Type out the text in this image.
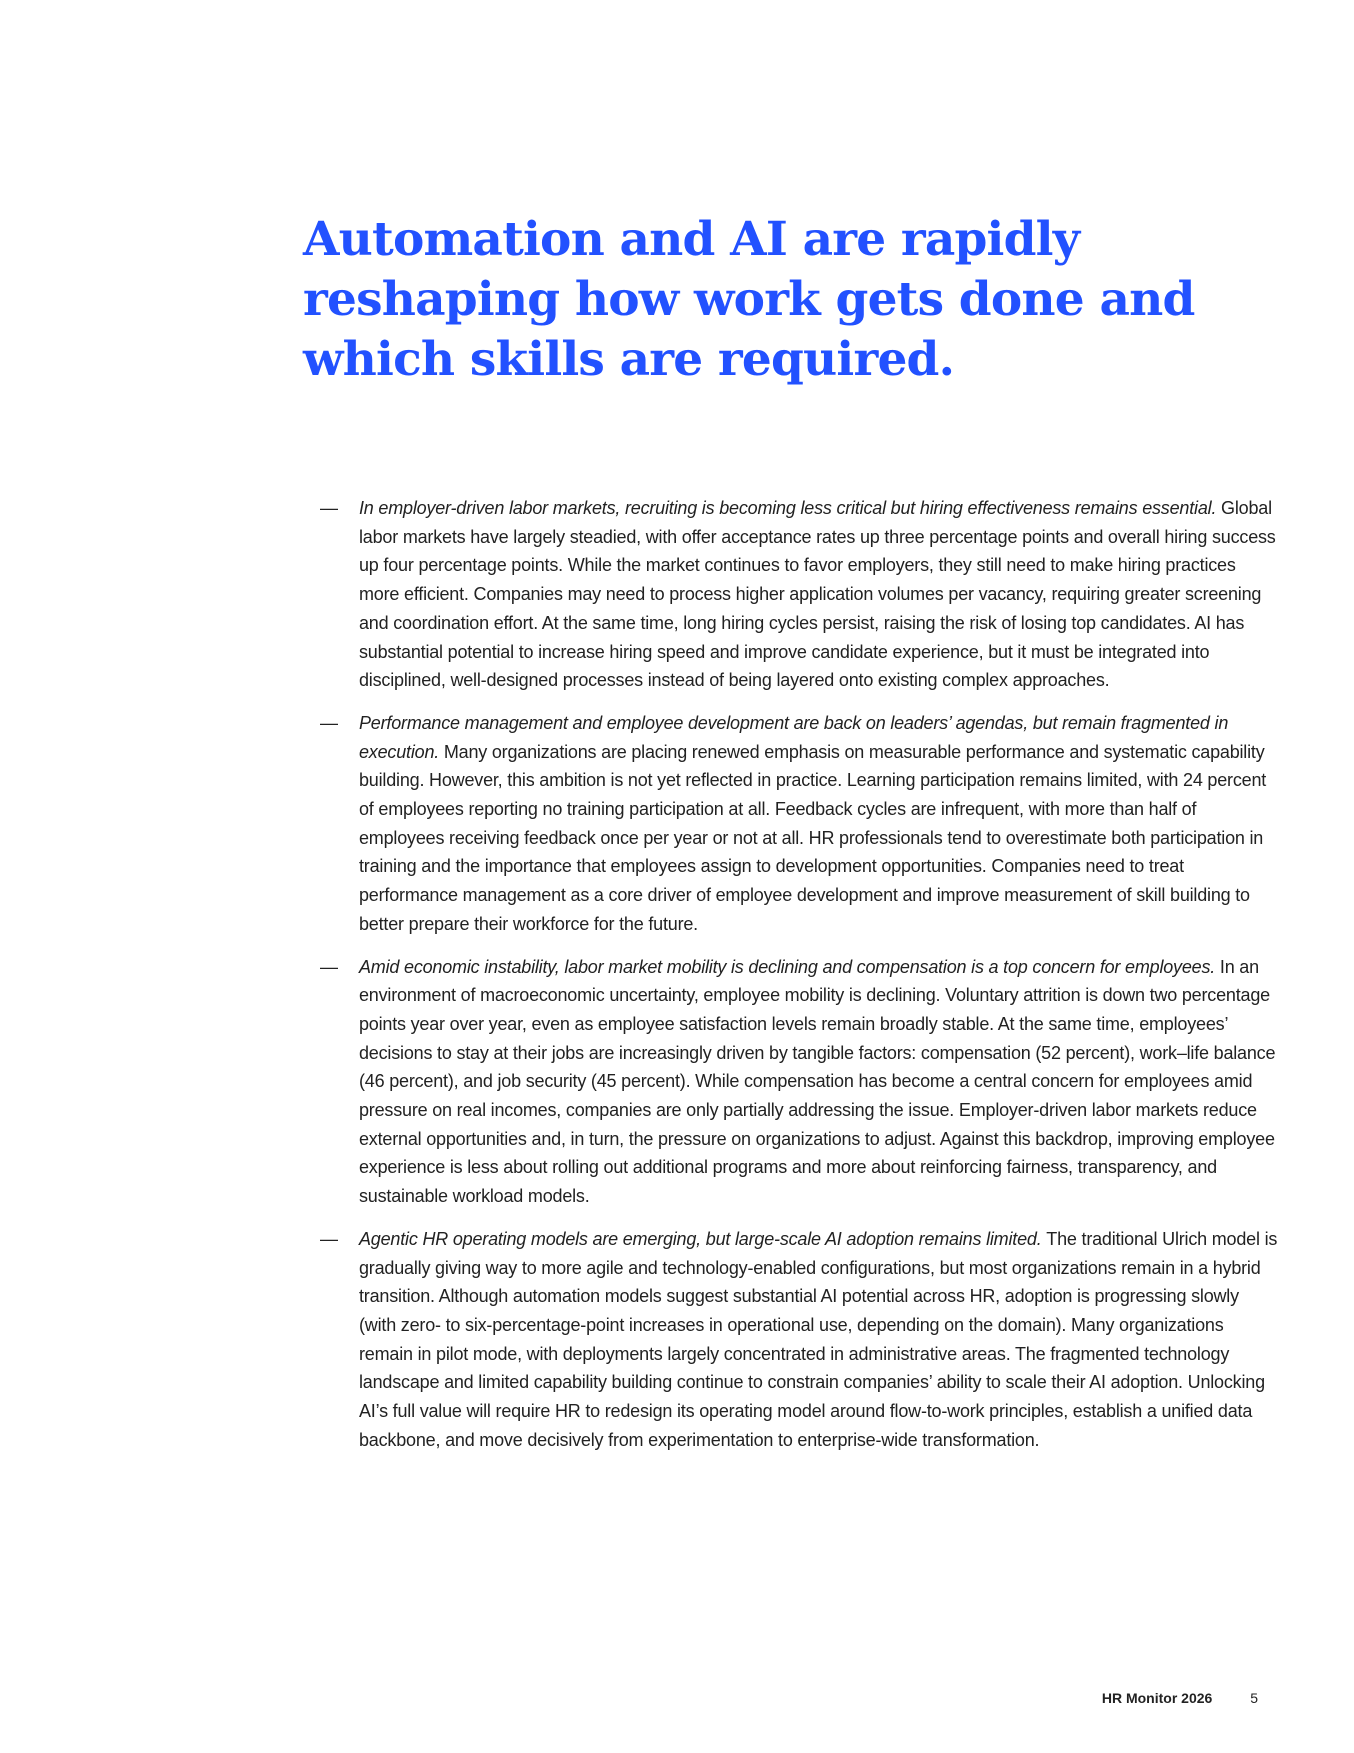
Automation and AI are rapidly reshaping how work gets done and which skills are required.
— In employer-driven labor markets, recruiting is becoming less critical but hiring effectiveness remains essential. Global labor markets have largely steadied, with offer acceptance rates up three percentage points and overall hiring success up four percentage points. While the market continues to favor employers, they still need to make hiring practices more efficient. Companies may need to process higher application volumes per vacancy, requiring greater screening and coordination effort. At the same time, long hiring cycles persist, raising the risk of losing top candidates. AI has substantial potential to increase hiring speed and improve candidate experience, but it must be integrated into disciplined, well-designed processes instead of being layered onto existing complex approaches.
— Performance management and employee development are back on leaders’ agendas, but remain fragmented in execution. Many organizations are placing renewed emphasis on measurable performance and systematic capability building. However, this ambition is not yet reflected in practice. Learning participation remains limited, with 24 percent of employees reporting no training participation at all. Feedback cycles are infrequent, with more than half of employees receiving feedback once per year or not at all. HR professionals tend to overestimate both participation in training and the importance that employees assign to development opportunities. Companies need to treat performance management as a core driver of employee development and improve measurement of skill building to better prepare their workforce for the future.
— Amid economic instability, labor market mobility is declining and compensation is a top concern for employees. In an environment of macroeconomic uncertainty, employee mobility is declining. Voluntary attrition is down two percentage points year over year, even as employee satisfaction levels remain broadly stable. At the same time, employees’ decisions to stay at their jobs are increasingly driven by tangible factors: compensation (52 percent), work–life balance (46 percent), and job security (45 percent). While compensation has become a central concern for employees amid pressure on real incomes, companies are only partially addressing the issue. Employer-driven labor markets reduce external opportunities and, in turn, the pressure on organizations to adjust. Against this backdrop, improving employee experience is less about rolling out additional programs and more about reinforcing fairness, transparency, and sustainable workload models.
— Agentic HR operating models are emerging, but large-scale AI adoption remains limited. The traditional Ulrich model is gradually giving way to more agile and technology-enabled configurations, but most organizations remain in a hybrid transition. Although automation models suggest substantial AI potential across HR, adoption is progressing slowly (with zero- to six-percentage-point increases in operational use, depending on the domain). Many organizations remain in pilot mode, with deployments largely concentrated in administrative areas. The fragmented technology landscape and limited capability building continue to constrain companies’ ability to scale their AI adoption. Unlocking AI’s full value will require HR to redesign its operating model around flow-to-work principles, establish a unified data backbone, and move decisively from experimentation to enterprise-wide transformation.
HR Monitor 2026	5
